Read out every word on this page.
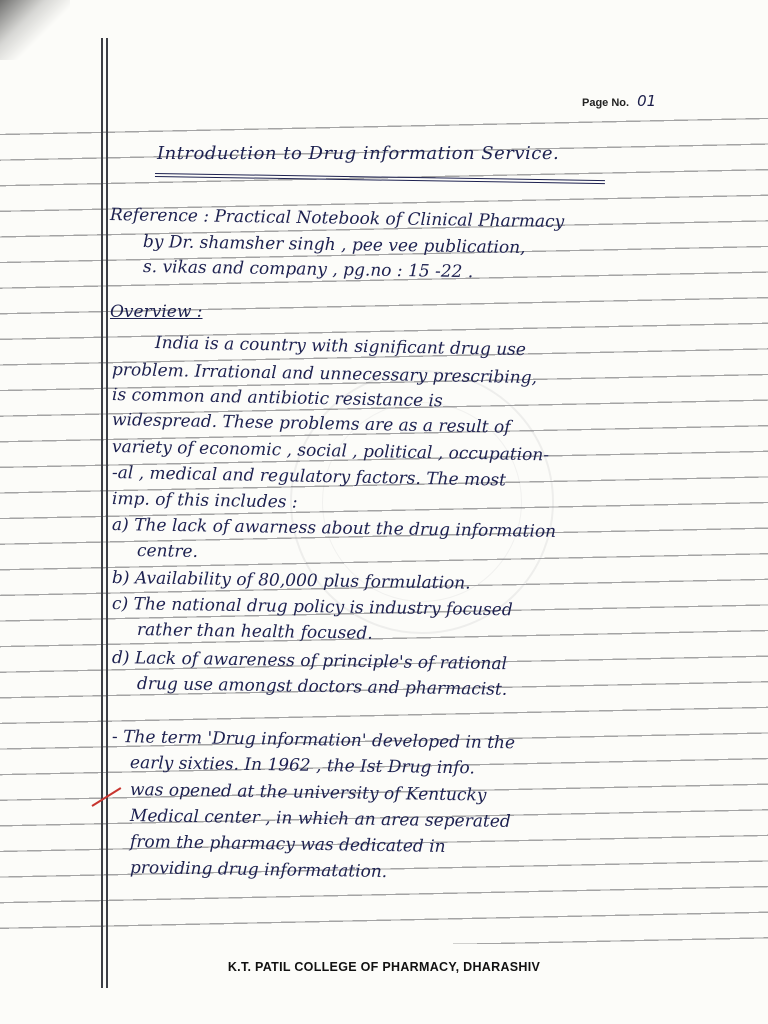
Page No. 01
Introduction to Drug information Service.
Reference : Practical Notebook of Clinical Pharmacy
by Dr. shamsher singh , pee vee publication,
s. vikas and company , pg.no : 15 -22 .
Overview :
India is a country with significant drug use
problem. Irrational and unnecessary prescribing,
is common and antibiotic resistance is
widespread. These problems are as a result of
variety of economic , social , political , occupation-
-al , medical and regulatory factors. The most
imp. of this includes :
a) The lack of awarness about the drug information
centre.
b) Availability of 80,000 plus formulation.
c) The national drug policy is industry focused
rather than health focused.
d) Lack of awareness of principle's of rational
drug use amongst doctors and pharmacist.
- The term 'Drug information' developed in the
early sixties. In 1962 , the Ist Drug info.
was opened at the university of Kentucky
Medical center , in which an area seperated
from the pharmacy was dedicated in
providing drug informatation.
K.T. PATIL COLLEGE OF PHARMACY, DHARASHIV
